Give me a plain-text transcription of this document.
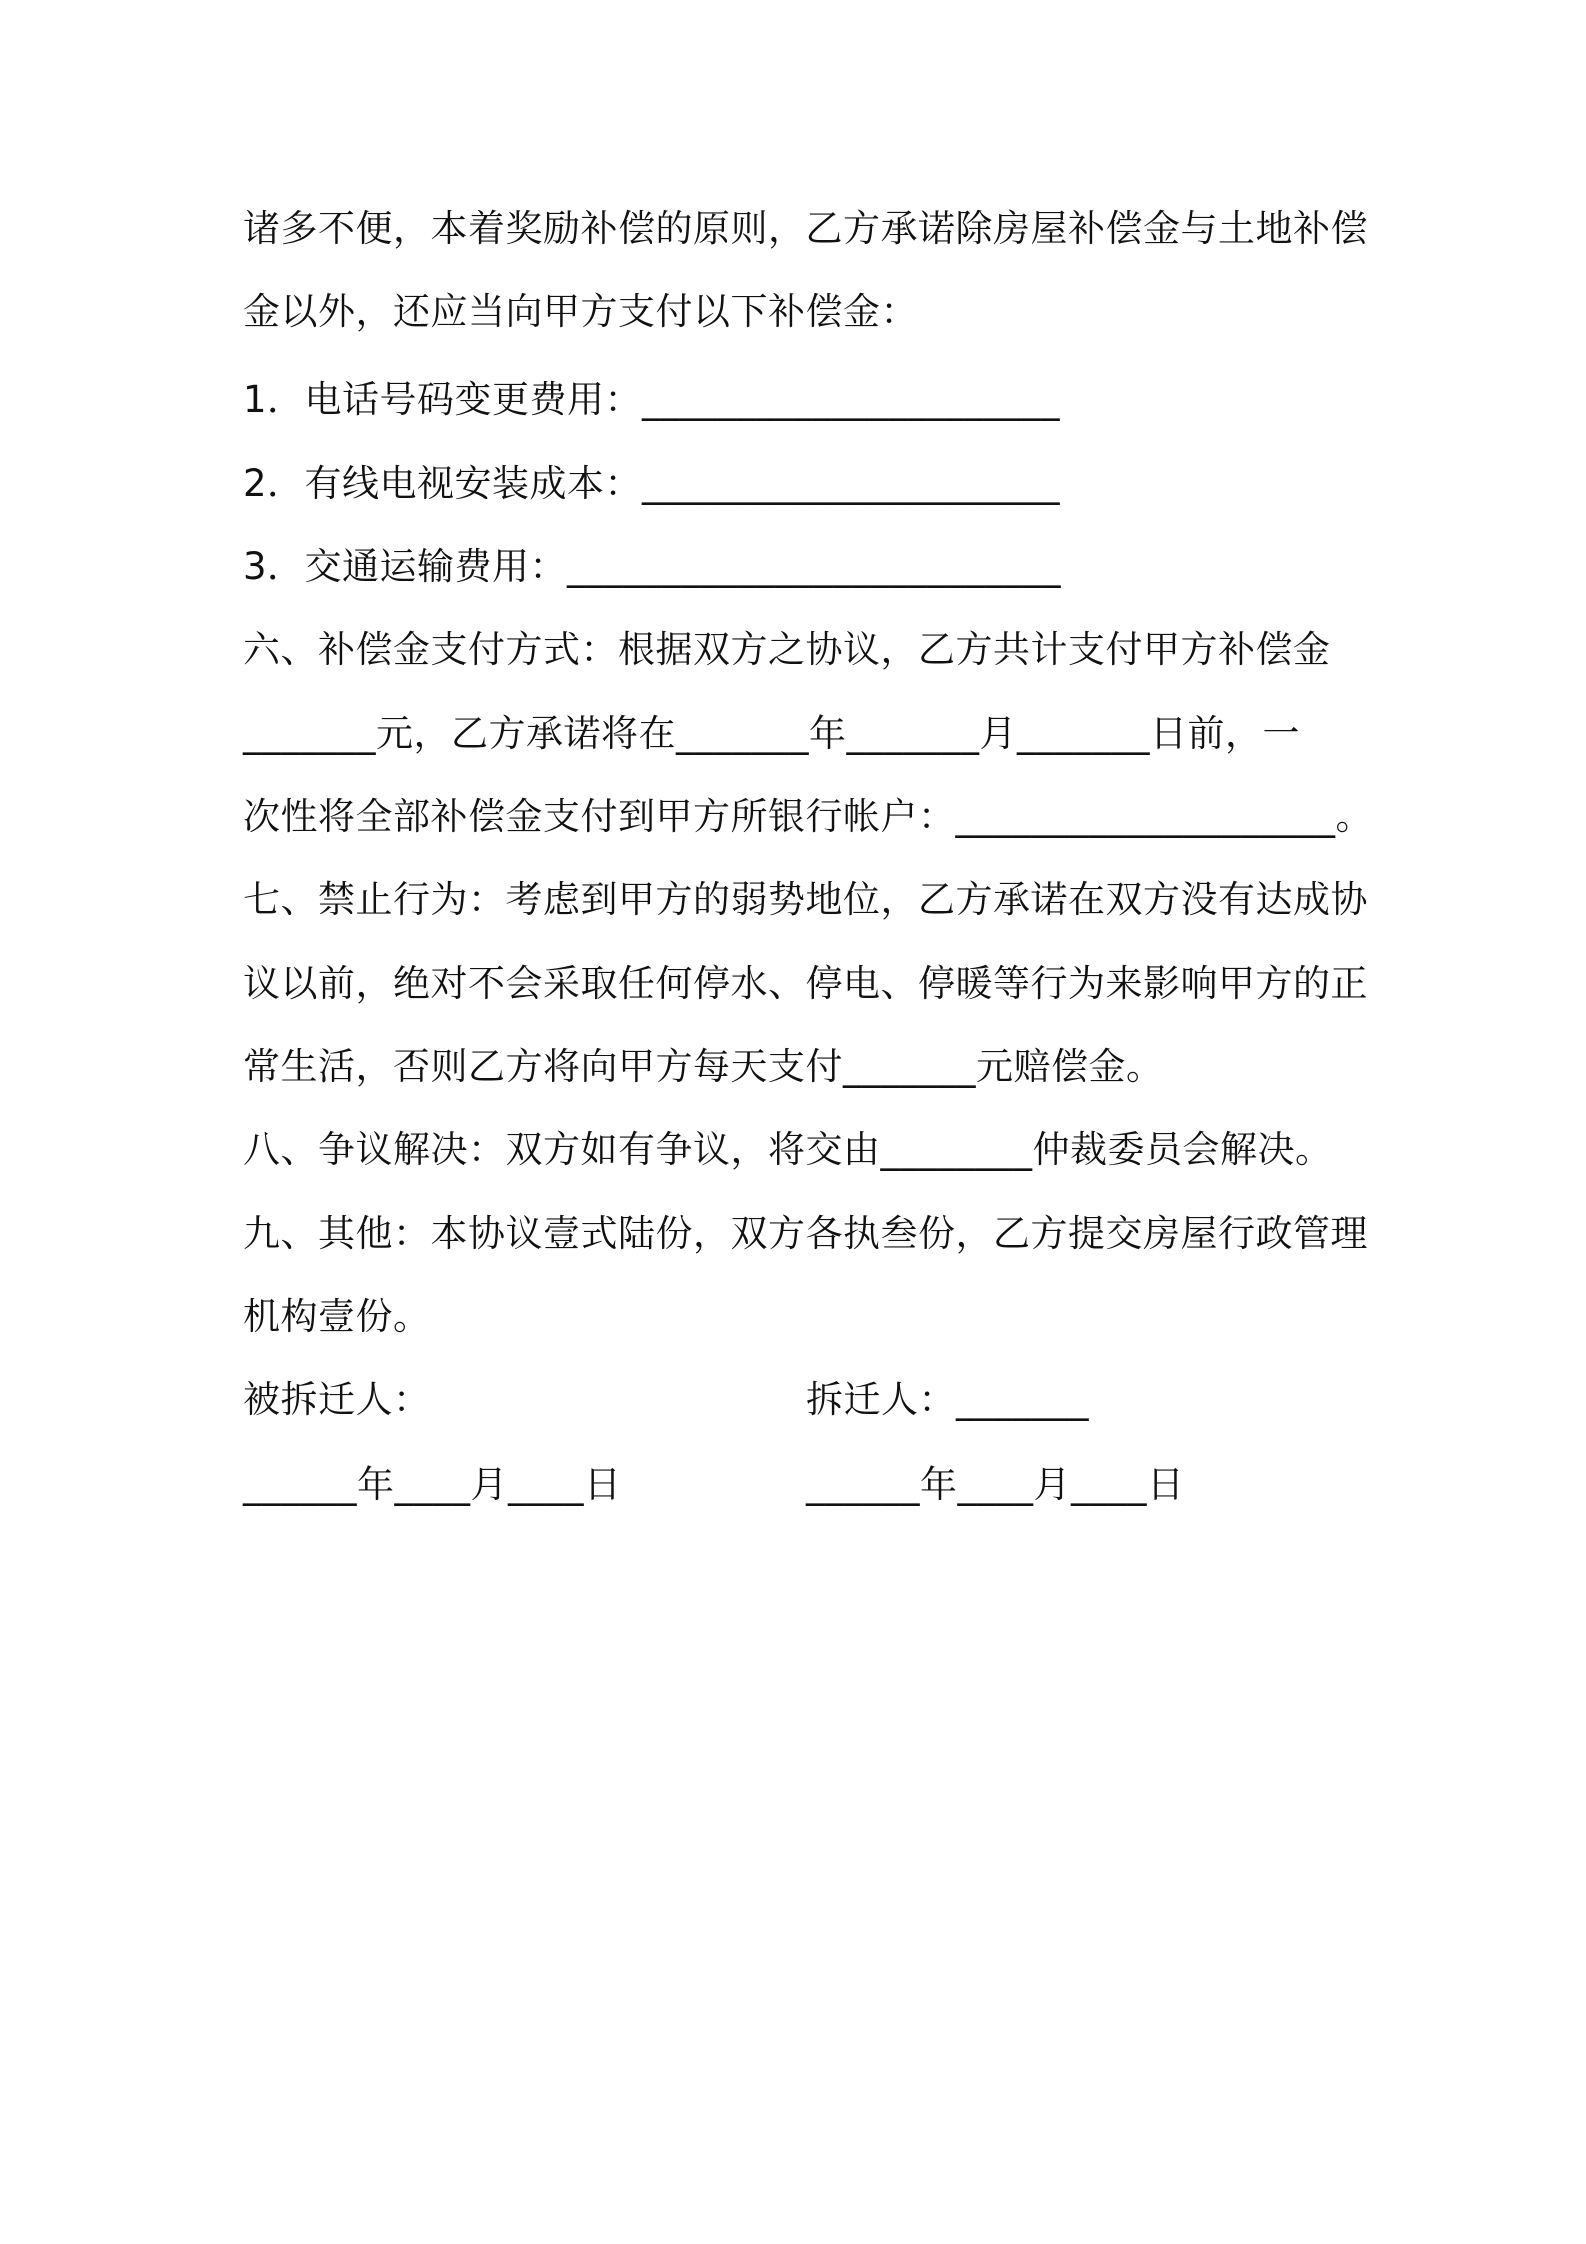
诸多不便，本着奖励补偿的原则，乙方承诺除房屋补偿金与土地补偿
金以外，还应当向甲方支付以下补偿金：
1．电话号码变更费用：______________________
2．有线电视安装成本：______________________
3．交通运输费用：__________________________
六、补偿金支付方式：根据双方之协议，乙方共计支付甲方补偿金
_______元，乙方承诺将在_______年_______月_______日前，一
次性将全部补偿金支付到甲方所银行帐户：____________________。
七、禁止行为：考虑到甲方的弱势地位，乙方承诺在双方没有达成协
议以前，绝对不会采取任何停水、停电、停暖等行为来影响甲方的正
常生活，否则乙方将向甲方每天支付_______元赔偿金。
八、争议解决：双方如有争议，将交由________仲裁委员会解决。
九、其他：本协议壹式陆份，双方各执叁份，乙方提交房屋行政管理
机构壹份。
被拆迁人：	拆迁人：_______
______年____月____日	______年____月____日
